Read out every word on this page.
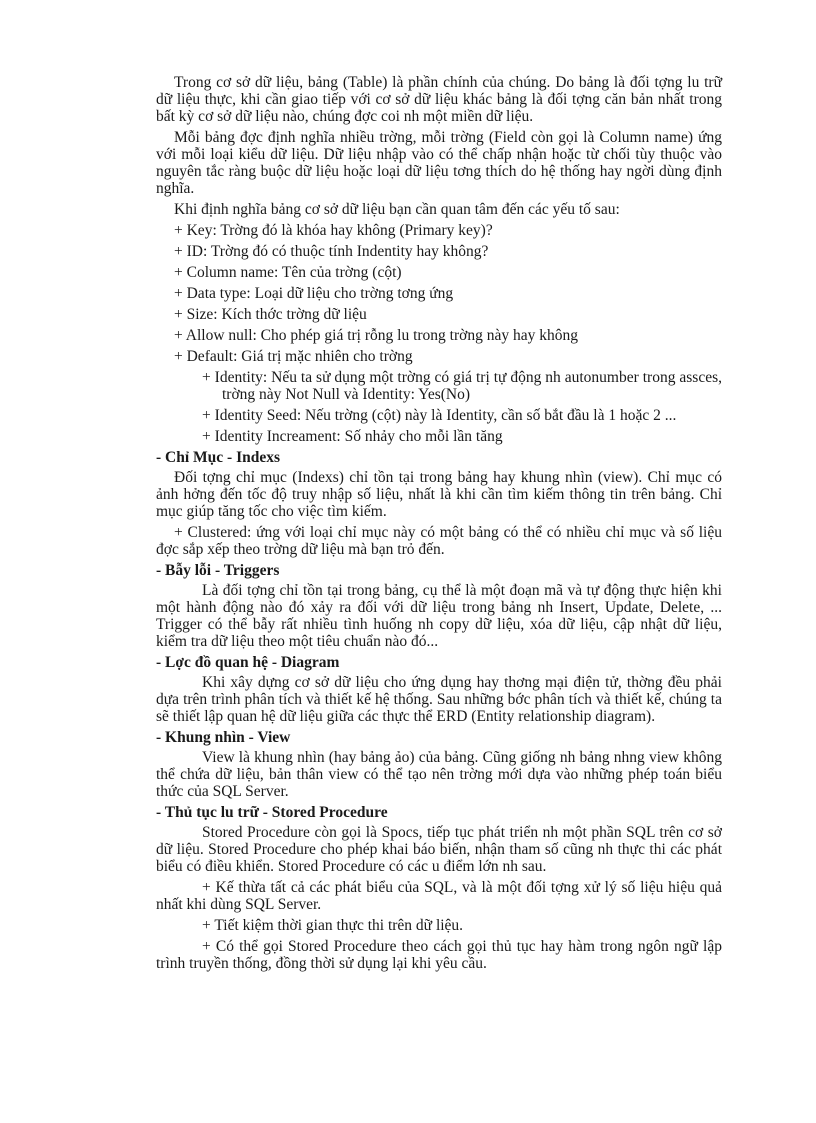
Trong cơ sở dữ liệu, bảng (Table) là phần chính của chúng. Do bảng là đối tợng lu trữ dữ liệu thực, khi cần giao tiếp với cơ sở dữ liệu khác bảng là đối tợng căn bản nhất trong bất kỳ cơ sở dữ liệu nào, chúng đợc coi nh một miền dữ liệu.

Mỗi bảng đợc định nghĩa nhiều trờng, mỗi trờng (Field còn gọi là Column name) ứng với mỗi loại kiểu dữ liệu. Dữ liệu nhập vào có thể chấp nhận hoặc từ chối tùy thuộc vào nguyên tắc ràng buộc dữ liệu hoặc loại dữ liệu tơng thích do hệ thống hay ngời dùng định nghĩa.

Khi định nghĩa bảng cơ sở dữ liệu bạn cần quan tâm đến các yếu tố sau:

+ Key: Trờng đó là khóa hay không (Primary key)?

+ ID: Trờng đó có thuộc tính Indentity hay không?

+ Column name: Tên của trờng (cột)

+ Data type: Loại dữ liệu cho trờng tơng ứng

+ Size: Kích thớc trờng dữ liệu

+ Allow null: Cho phép giá trị rỗng lu trong trờng này hay không

+ Default: Giá trị mặc nhiên cho trờng

+ Identity: Nếu ta sử dụng một trờng có giá trị tự động nh autonumber trong assces, trờng này Not Null và Identity: Yes(No)

+ Identity Seed: Nếu trờng (cột) này là Identity, cần số bắt đầu là 1 hoặc 2 ...

+ Identity Increament: Số nhảy cho mỗi lần tăng

- Chỉ Mục - Indexs

Đối tợng chỉ mục (Indexs) chỉ tồn tại trong bảng hay khung nhìn (view). Chỉ mục có ảnh hởng đến tốc độ truy nhập số liệu, nhất là khi cần tìm kiếm thông tin trên bảng. Chỉ mục giúp tăng tốc cho việc tìm kiếm.

+ Clustered: ứng với loại chỉ mục này có một bảng có thể có nhiều chỉ mục và số liệu đợc sắp xếp theo trờng dữ liệu mà bạn trỏ đến.

- Bẫy lỗi - Triggers

Là đối tợng chỉ tồn tại trong bảng, cụ thể là một đoạn mã và tự động thực hiện khi một hành động nào đó xảy ra đối với dữ liệu trong bảng nh Insert, Update, Delete, ... Trigger có thể bẫy rất nhiều tình huống nh copy dữ liệu, xóa dữ liệu, cập nhật dữ liệu, kiểm tra dữ liệu theo một tiêu chuẩn nào đó...

- Lợc đồ quan hệ - Diagram

Khi xây dựng cơ sở dữ liệu cho ứng dụng hay thơng mại điện tử, thờng đều phải dựa trên trình phân tích và thiết kế hệ thống. Sau những bớc phân tích và thiết kế, chúng ta sẽ thiết lập quan hệ dữ liệu giữa các thực thể ERD (Entity relationship diagram).

- Khung nhìn - View

View là khung nhìn (hay bảng ảo) của bảng. Cũng giống nh bảng nhng view không thể chứa dữ liệu, bản thân view có thể tạo nên trờng mới dựa vào những phép toán biểu thức của SQL Server.

- Thủ tục lu trữ - Stored Procedure

Stored Procedure còn gọi là Spocs, tiếp tục phát triển nh một phần SQL trên cơ sở dữ liệu. Stored Procedure cho phép khai báo biến, nhận tham số cũng nh thực thi các phát biểu có điều khiển. Stored Procedure có các u điểm lớn nh sau.

+ Kế thừa tất cả các phát biểu của SQL, và là một đối tợng xử lý số liệu hiệu quả nhất khi dùng SQL Server.

+ Tiết kiệm thời gian thực thi trên dữ liệu.

+ Có thể gọi Stored Procedure theo cách gọi thủ tục hay hàm trong ngôn ngữ lập trình truyền thống, đồng thời sử dụng lại khi yêu cầu.
